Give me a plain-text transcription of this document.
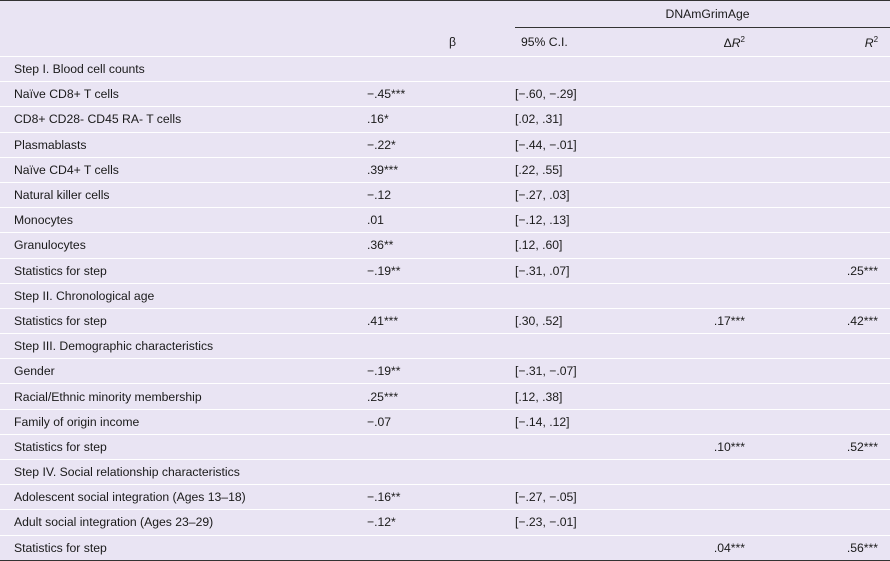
		DNAmGrimAge		
	β	95% C.I.	$\Delta R^2$	$R^2$
Step I. Blood cell counts				
Naïve CD8+ T cells	−.45***	[−.60, −.29]		
CD8+ CD28- CD45 RA- T cells	.16*	[.02, .31]		
Plasmablasts	−.22*	[−.44, −.01]		
Naïve CD4+ T cells	.39***	[.22, .55]		
Natural killer cells	−.12	[−.27, .03]		
Monocytes	.01	[−.12, .13]		
Granulocytes	.36**	[.12, .60]		
Statistics for step	−.19**	[−.31, .07]		.25***
Step II. Chronological age				
Statistics for step	.41***	[.30, .52]	.17***	.42***
Step III. Demographic characteristics				
Gender	−.19**	[−.31, −.07]		
Racial/Ethnic minority membership	.25***	[.12, .38]		
Family of origin income	−.07	[−.14, .12]		
Statistics for step			.10***	.52***
Step IV. Social relationship characteristics				
Adolescent social integration (Ages 13–18)	−.16**	[−.27, −.05]		
Adult social integration (Ages 23–29)	−.12*	[−.23, −.01]		
Statistics for step			.04***	.56***
